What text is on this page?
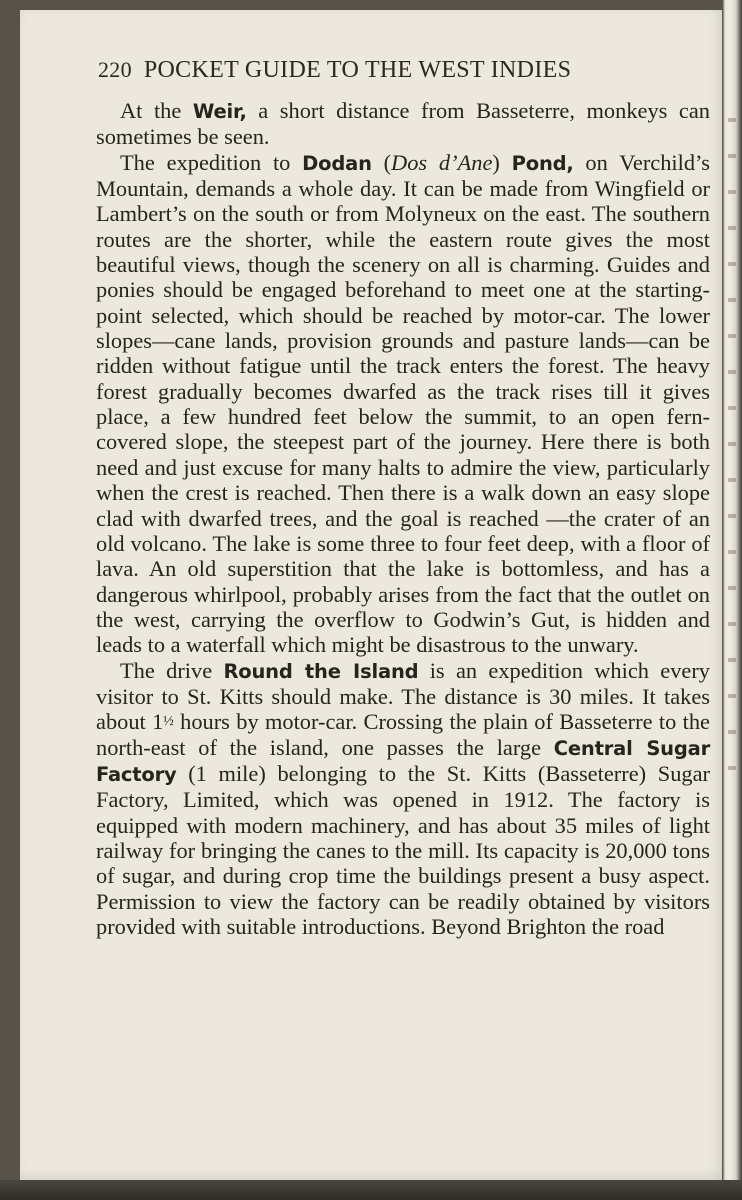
220 POCKET GUIDE TO THE WEST INDIES

At the Weir, a short distance from Basseterre, monkeys can sometimes be seen.

The expedition to Dodan (Dos d’Ane) Pond, on Verchild’s Mountain, demands a whole day. It can be made from Wingfield or Lambert’s on the south or from Molyneux on the east. The southern routes are the shorter, while the eastern route gives the most beautiful views, though the scenery on all is charming. Guides and ponies should be engaged beforehand to meet one at the starting-point selected, which should be reached by motor-car. The lower slopes—cane lands, provision grounds and pasture lands—can be ridden without fatigue until the track enters the forest. The heavy forest gradually becomes dwarfed as the track rises till it gives place, a few hundred feet below the summit, to an open fern-covered slope, the steepest part of the journey. Here there is both need and just excuse for many halts to admire the view, particularly when the crest is reached. Then there is a walk down an easy slope clad with dwarfed trees, and the goal is reached —the crater of an old volcano. The lake is some three to four feet deep, with a floor of lava. An old superstition that the lake is bottomless, and has a dangerous whirlpool, probably arises from the fact that the outlet on the west, carrying the overflow to Godwin’s Gut, is hidden and leads to a waterfall which might be disastrous to the unwary.

The drive Round the Island is an expedition which every visitor to St. Kitts should make. The distance is 30 miles. It takes about 1½ hours by motor-car. Crossing the plain of Basseterre to the north-east of the island, one passes the large Central Sugar Factory (1 mile) belonging to the St. Kitts (Basseterre) Sugar Factory, Limited, which was opened in 1912. The factory is equipped with modern machinery, and has about 35 miles of light railway for bringing the canes to the mill. Its capacity is 20,000 tons of sugar, and during crop time the buildings present a busy aspect. Permission to view the factory can be readily obtained by visitors provided with suitable introductions. Beyond Brighton the road
